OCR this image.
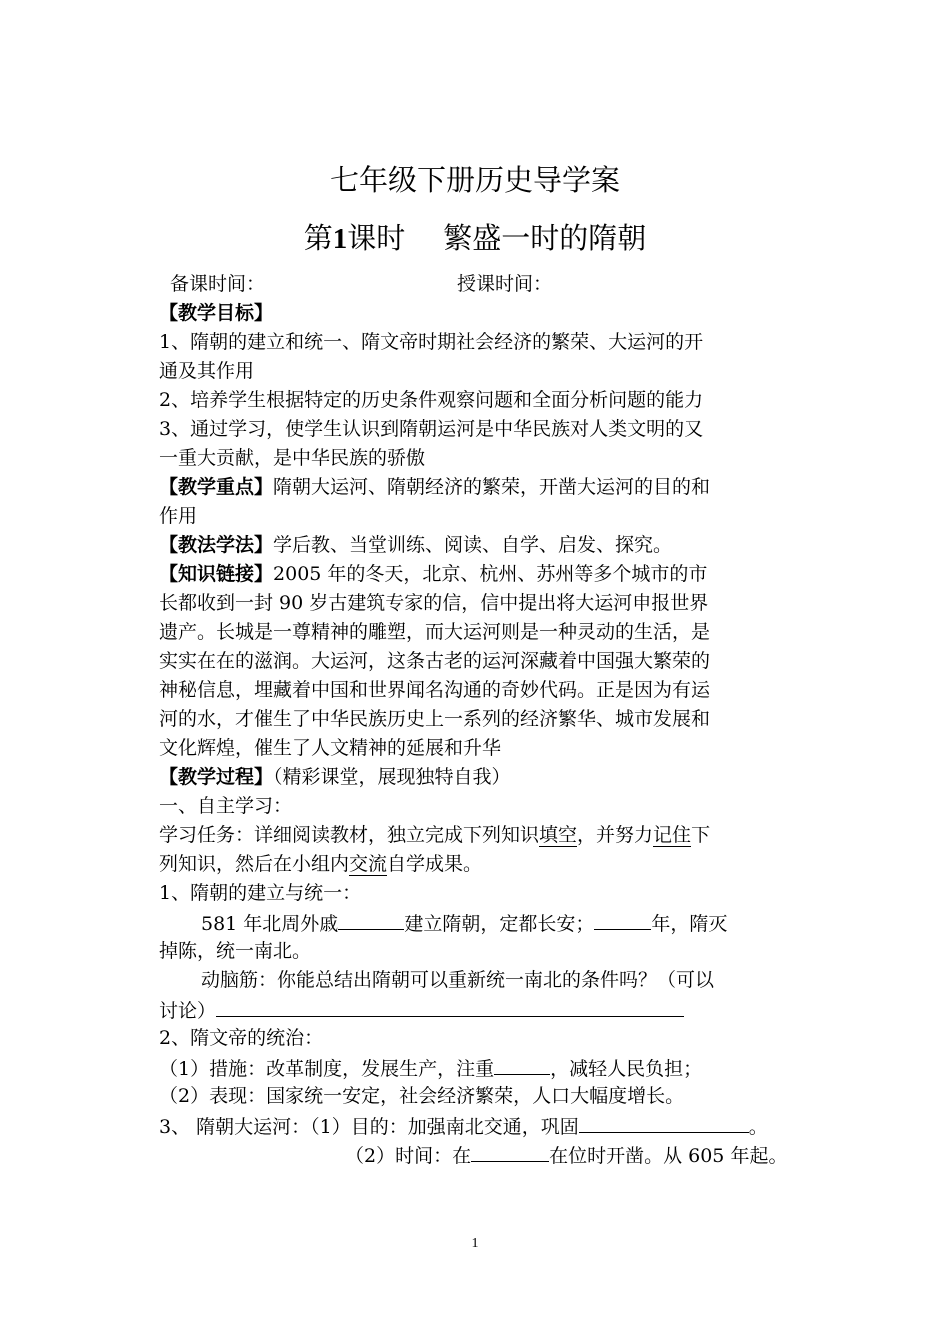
七年级下册历史导学案
第1课时 繁盛一时的隋朝
备课时间：	授课时间：
【教学目标】
1、隋朝的建立和统一、隋文帝时期社会经济的繁荣、大运河的开
通及其作用
2、培养学生根据特定的历史条件观察问题和全面分析问题的能力
3、通过学习，使学生认识到隋朝运河是中华民族对人类文明的又
一重大贡献，是中华民族的骄傲
【教学重点】隋朝大运河、隋朝经济的繁荣，开凿大运河的目的和
作用
【教法学法】学后教、当堂训练、阅读、自学、启发、探究。
【知识链接】2005 年的冬天，北京、杭州、苏州等多个城市的市
长都收到一封 90 岁古建筑专家的信，信中提出将大运河申报世界
遗产。长城是一尊精神的雕塑，而大运河则是一种灵动的生活，是
实实在在的滋润。大运河，这条古老的运河深藏着中国强大繁荣的
神秘信息，埋藏着中国和世界闻名沟通的奇妙代码。正是因为有运
河的水，才催生了中华民族历史上一系列的经济繁华、城市发展和
文化辉煌，催生了人文精神的延展和升华
【教学过程】（精彩课堂，展现独特自我）
一、自主学习：
学习任务：详细阅读教材，独立完成下列知识填空，并努力记住下
列知识，然后在小组内交流自学成果。
1、隋朝的建立与统一：
581 年北周外戚	建立隋朝，定都长安；	年，隋灭
掉陈，统一南北。
动脑筋：你能总结出隋朝可以重新统一南北的条件吗？（可以
讨论）
2、隋文帝的统治：
（1）措施：改革制度，发展生产，注重	，减轻人民负担；
（2）表现：国家统一安定，社会经济繁荣，人口大幅度增长。
3、 隋朝大运河：（1）目的：加强南北交通，巩固	。
（2）时间：在	在位时开凿。从 605 年起。
1
